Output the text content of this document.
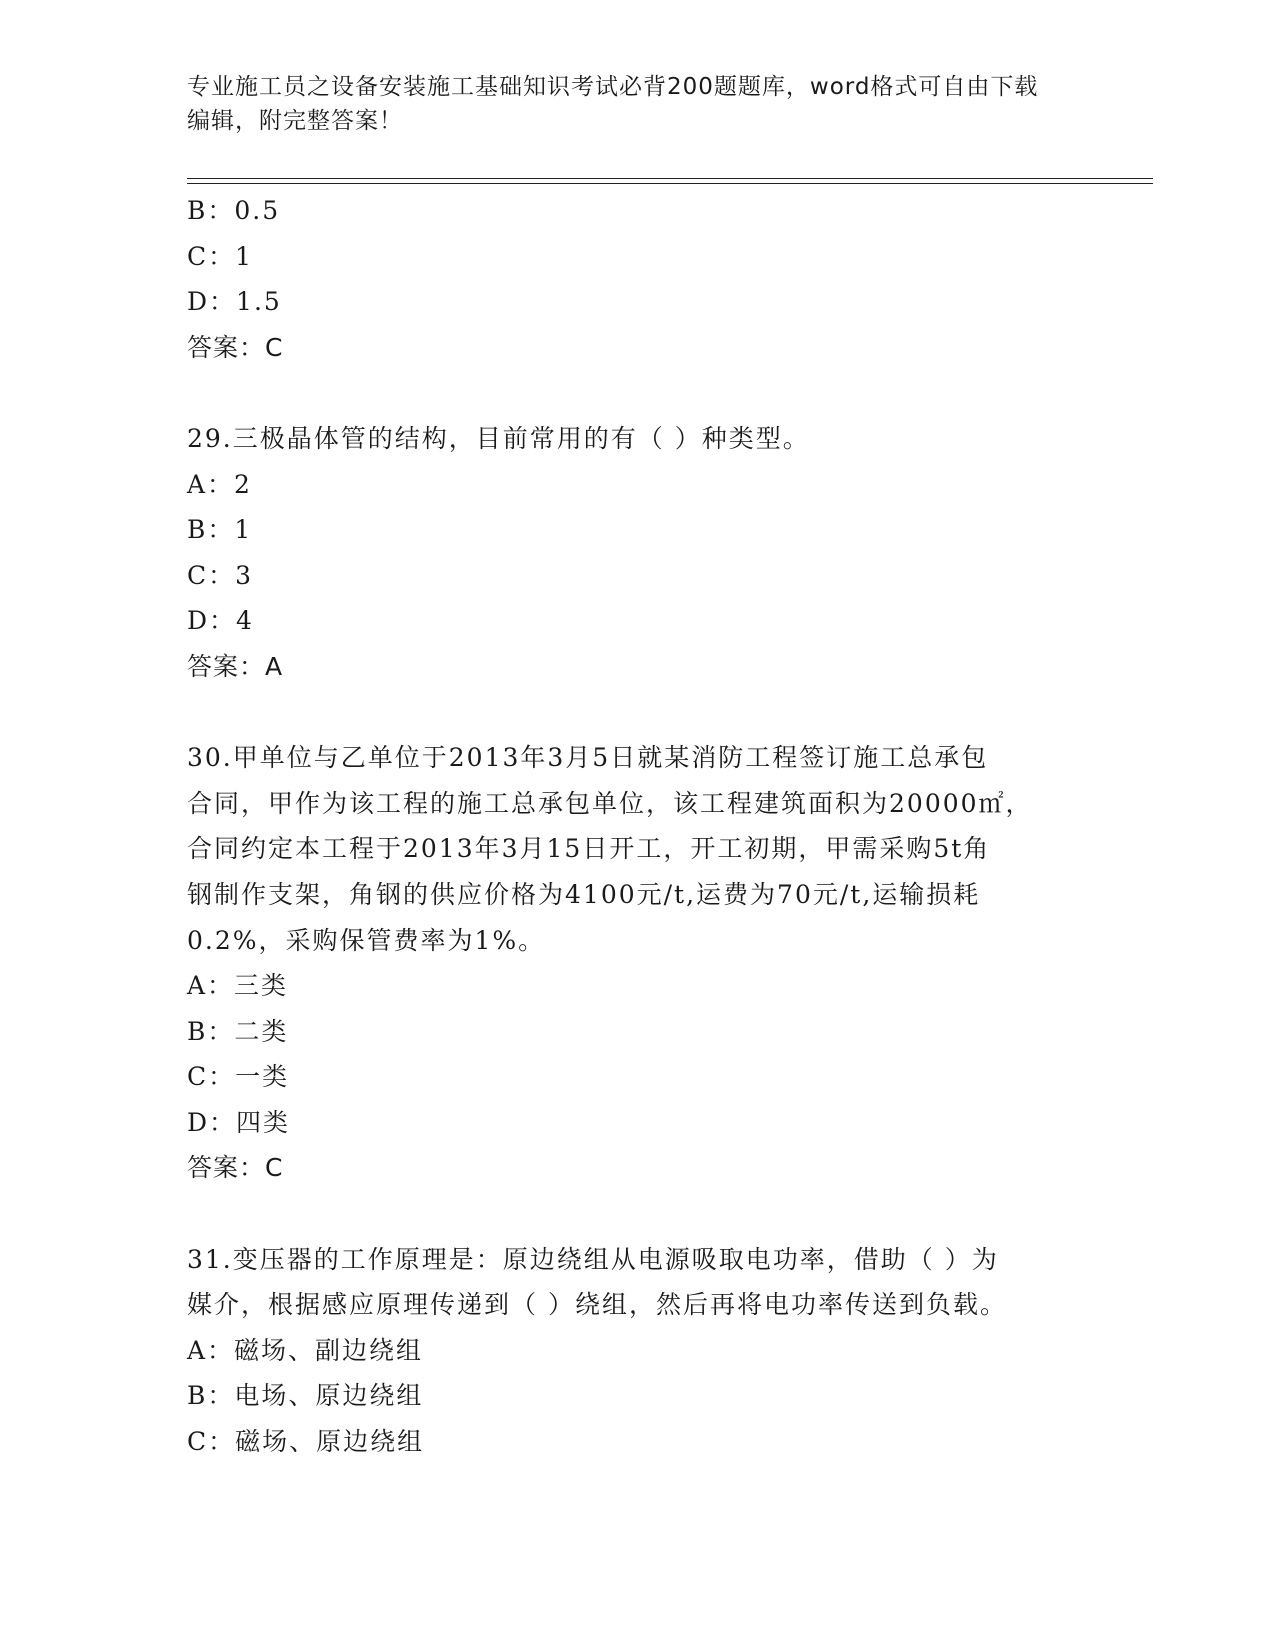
专业施工员之设备安装施工基础知识考试必背200题题库，word格式可自由下载
编辑，附完整答案！
B：0.5
C：1
D：1.5
答案：C
29.三极晶体管的结构，目前常用的有（ ）种类型。
A：2
B：1
C：3
D：4
答案：A
30.甲单位与乙单位于2013年3月5日就某消防工程签订施工总承包
合同，甲作为该工程的施工总承包单位，该工程建筑面积为20000㎡，
合同约定本工程于2013年3月15日开工，开工初期，甲需采购5t角
钢制作支架，角钢的供应价格为4100元/t,运费为70元/t,运输损耗
0.2%，采购保管费率为1%。
A：三类
B：二类
C：一类
D：四类
答案：C
31.变压器的工作原理是：原边绕组从电源吸取电功率，借助（ ）为
媒介，根据感应原理传递到（ ）绕组，然后再将电功率传送到负载。
A：磁场、副边绕组
B：电场、原边绕组
C：磁场、原边绕组
